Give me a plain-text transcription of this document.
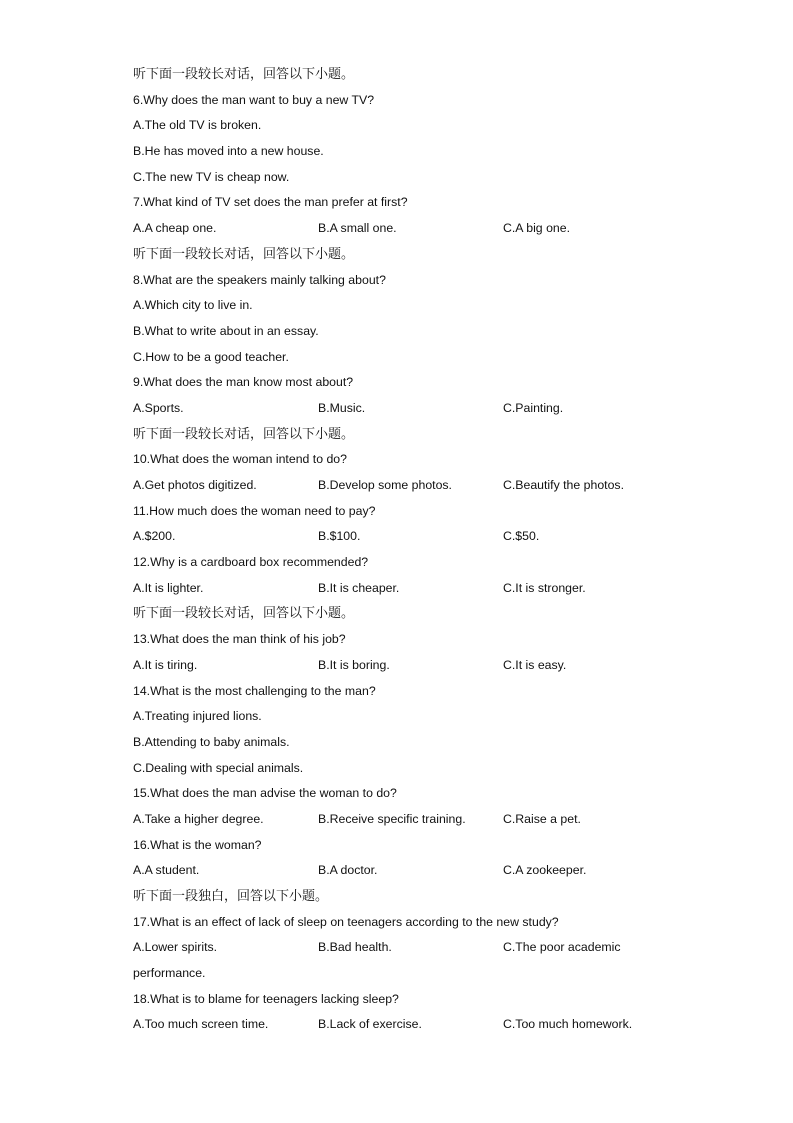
听下面一段较长对话，回答以下小题。
6.Why does the man want to buy a new TV?
A.The old TV is broken.
B.He has moved into a new house.
C.The new TV is cheap now.
7.What kind of TV set does the man prefer at first?
A.A cheap one.	B.A small one.	C.A big one.
听下面一段较长对话，回答以下小题。
8.What are the speakers mainly talking about?
A.Which city to live in.
B.What to write about in an essay.
C.How to be a good teacher.
9.What does the man know most about?
A.Sports.	B.Music.	C.Painting.
听下面一段较长对话，回答以下小题。
10.What does the woman intend to do?
A.Get photos digitized.	B.Develop some photos.	C.Beautify the photos.
11.How much does the woman need to pay?
A.$200.	B.$100.	C.$50.
12.Why is a cardboard box recommended?
A.It is lighter.	B.It is cheaper.	C.It is stronger.
听下面一段较长对话，回答以下小题。
13.What does the man think of his job?
A.It is tiring.	B.It is boring.	C.It is easy.
14.What is the most challenging to the man?
A.Treating injured lions.
B.Attending to baby animals.
C.Dealing with special animals.
15.What does the man advise the woman to do?
A.Take a higher degree.	B.Receive specific training.	C.Raise a pet.
16.What is the woman?
A.A student.	B.A doctor.	C.A zookeeper.
听下面一段独白，回答以下小题。
17.What is an effect of lack of sleep on teenagers according to the new study?
A.Lower spirits.	B.Bad health.	C.The poor academic
performance.
18.What is to blame for teenagers lacking sleep?
A.Too much screen time.	B.Lack of exercise.	C.Too much homework.
